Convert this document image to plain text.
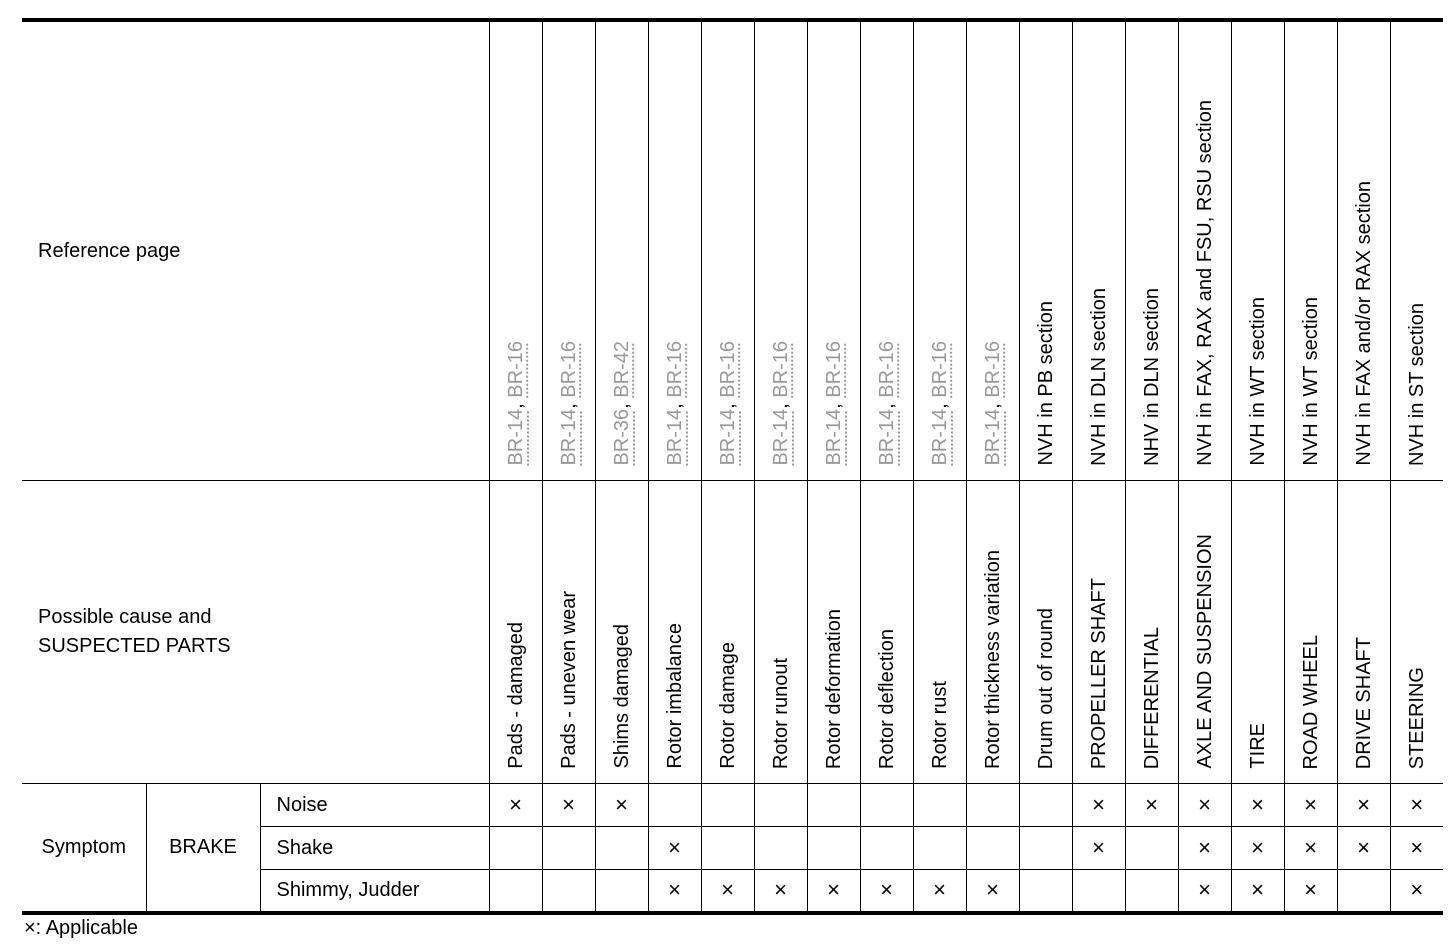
Reference page			BR-14, BR-16	BR-14, BR-16	BR-36, BR-42	BR-14, BR-16	BR-14, BR-16	BR-14, BR-16	BR-14, BR-16	BR-14, BR-16	BR-14, BR-16	BR-14, BR-16	NVH in PB section	NVH in DLN section	NHV in DLN section	NVH in FAX, RAX and FSU, RSU section	NVH in WT section	NVH in WT section	NVH in FAX and/or RAX section	NVH in ST section

Possible cause and
SUSPECTED PARTS			Pads - damaged	Pads - uneven wear	Shims damaged	Rotor imbalance	Rotor damage	Rotor runout	Rotor deformation	Rotor deflection	Rotor rust	Rotor thickness variation	Drum out of round	PROPELLER SHAFT	DIFFERENTIAL	AXLE AND SUSPENSION	TIRE	ROAD WHEEL	DRIVE SHAFT	STEERING

Symptom	BRAKE	Noise	×	×	×									×	×	×	×	×	×	×
		Shake				×								×		×	×	×	×	×
		Shimmy, Judder				×	×	×	×	×	×	×				×	×	×		×
×: Applicable
